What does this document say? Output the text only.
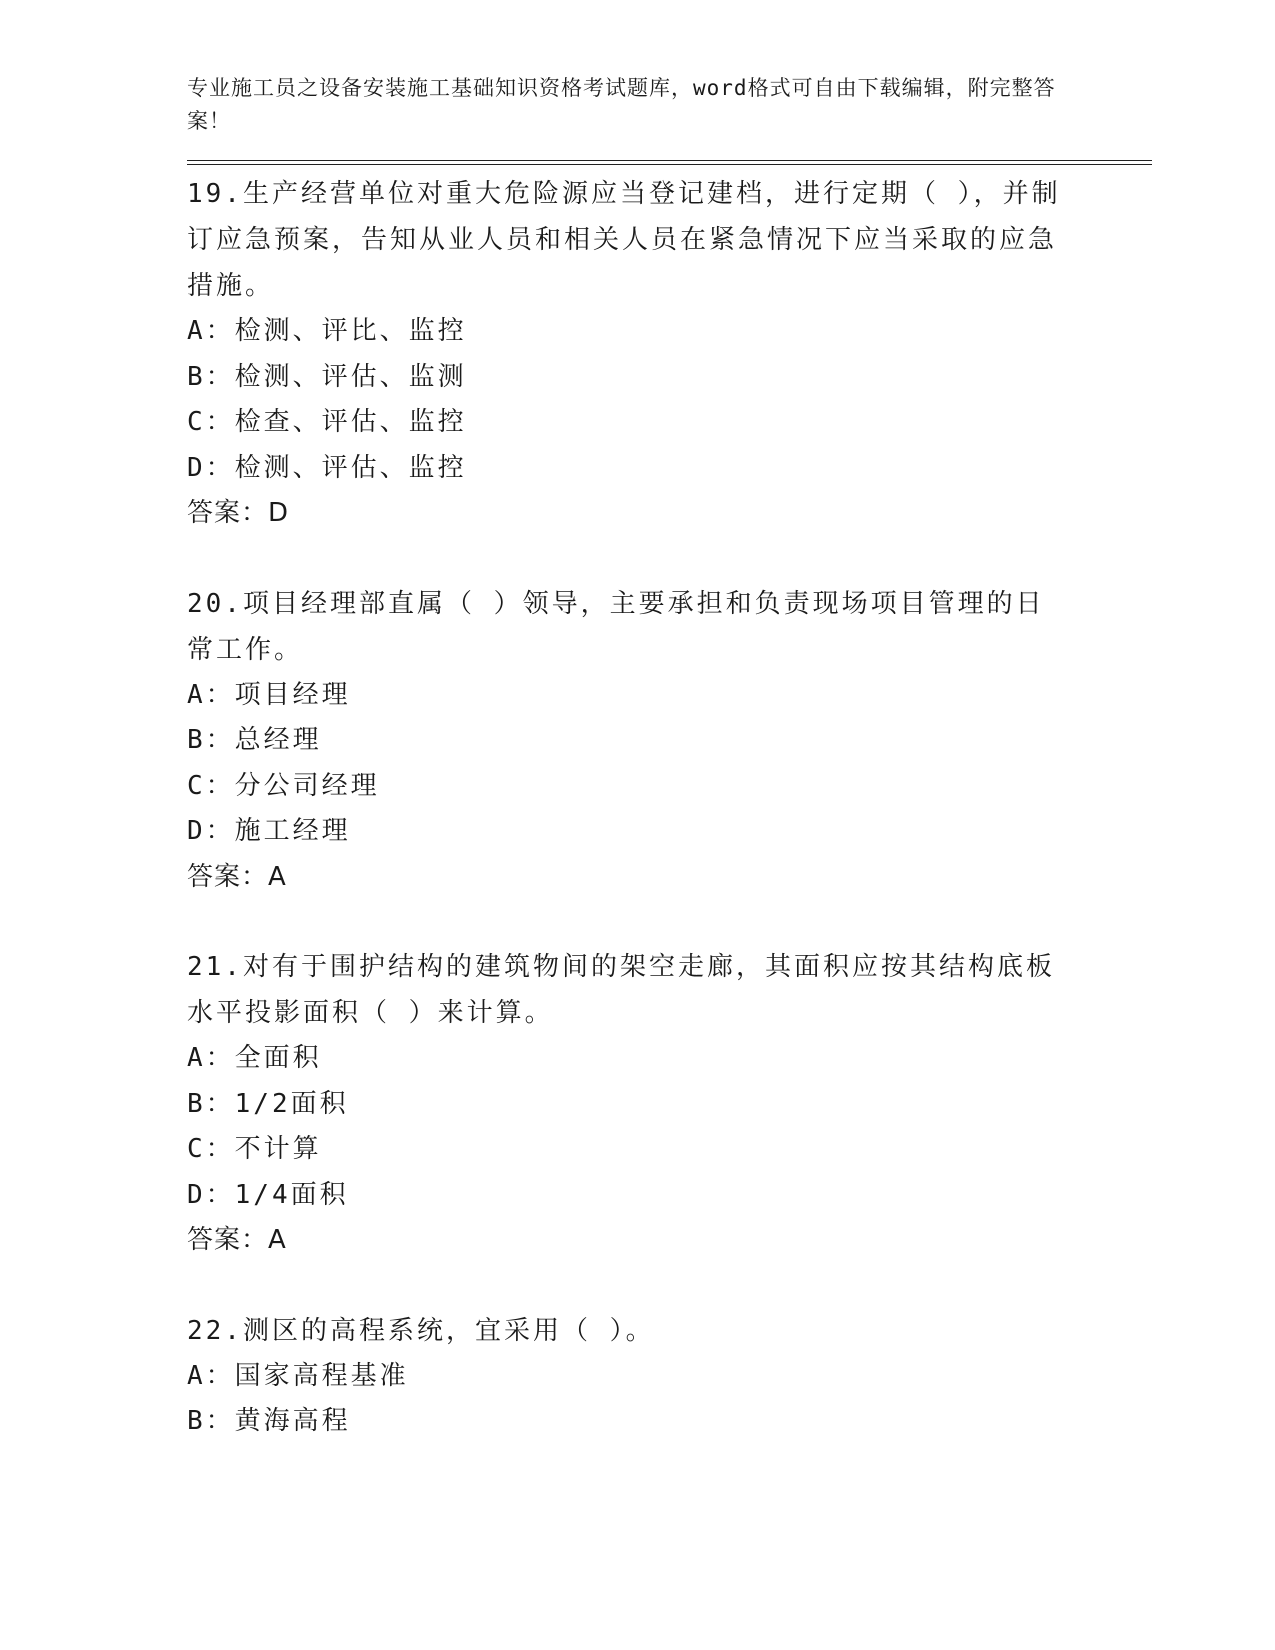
专业施工员之设备安装施工基础知识资格考试题库，word格式可自由下载编辑，附完整答案！

19.生产经营单位对重大危险源应当登记建档，进行定期（ ），并制订应急预案，告知从业人员和相关人员在紧急情况下应当采取的应急措施。

A：检测、评比、监控

B：检测、评估、监测

C：检查、评估、监控

D：检测、评估、监控

答案：D

20.项目经理部直属（ ）领导，主要承担和负责现场项目管理的日常工作。

A：项目经理

B：总经理

C：分公司经理

D：施工经理

答案：A

21.对有于围护结构的建筑物间的架空走廊，其面积应按其结构底板水平投影面积（ ）来计算。

A：全面积

B：1/2面积

C：不计算

D：1/4面积

答案：A

22.测区的高程系统，宜采用（ ）。

A：国家高程基准

B：黄海高程
